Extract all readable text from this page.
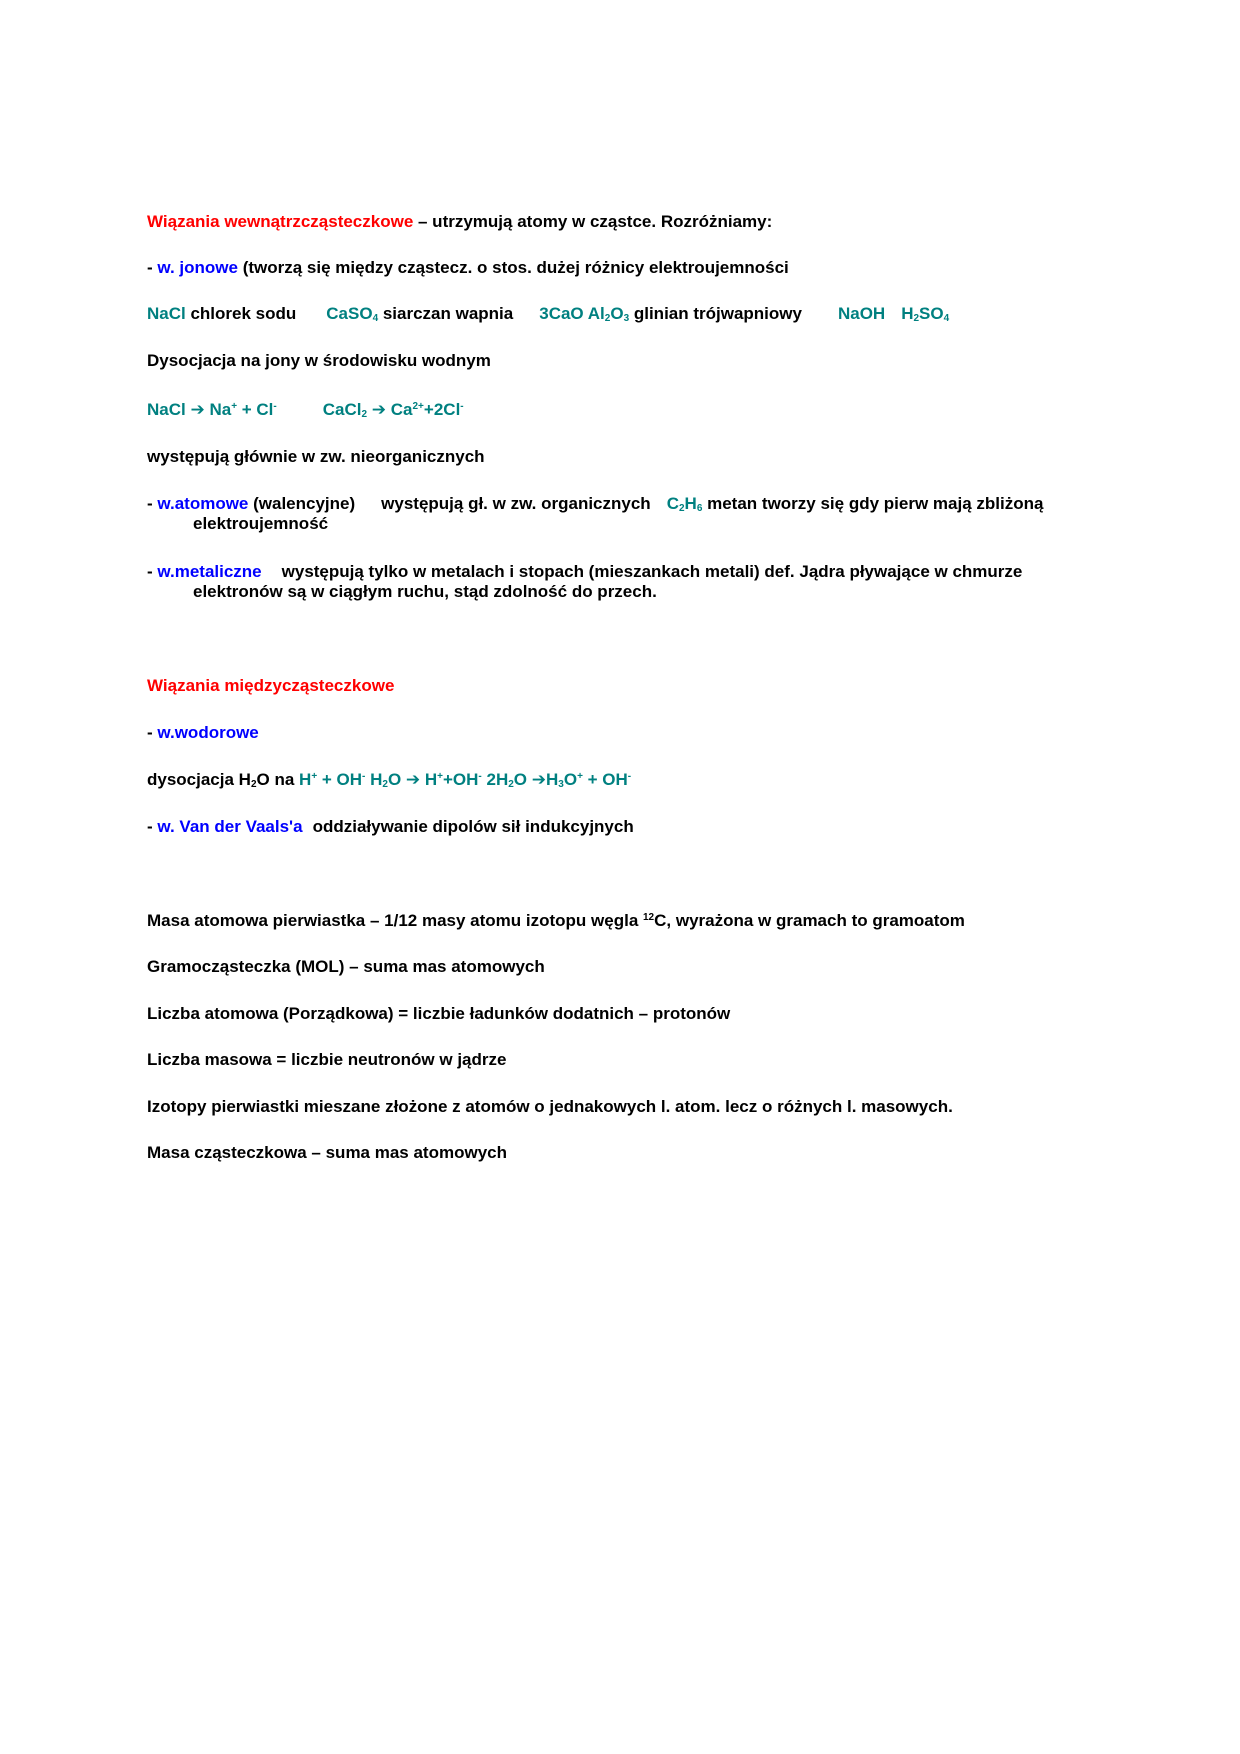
Wiązania wewnątrzcząsteczkowe – utrzymują atomy w cząstce. Rozróżniamy:
- w. jonowe (tworzą się między cząstecz. o stos. dużej różnicy elektroujemności
NaCl chlorek sodu CaSO$_4$ siarczan wapnia 3CaO $Al_2O_3$ glinian trójwapniowy NaOH $H_2SO_4$
Dysocjacja na jony w środowisku wodnym
NaCl ➔ Na+ + Cl-	CaCl$_2$ ➔ $Ca^{2+}+2Cl^-$
występują głównie w zw. nieorganicznych
- w.atomowe (walencyjne) występują gł. w zw. organicznych $C_2H_6$ metan tworzy się gdy pierw mają zbliżoną elektroujemność
- w.metaliczne występują tylko w metalach i stopach (mieszankach metali) def. Jądra pływające w chmurze elektronów są w ciągłym ruchu, stąd zdolność do przech.
Wiązania międzycząsteczkowe
- w.wodorowe
dysocjacja $H_2O$ na H+ + OH- $H_2O$ ➔ H++OH- $2H_2O$ $➔H_3O^+ + OH^-$
- w. Van der Vaals'a oddziaływanie dipolów sił indukcyjnych
Masa atomowa pierwiastka – 1/12 masy atomu izotopu węgla $^{12}$C, wyrażona w gramach to gramoatom
Gramocząsteczka (MOL) – suma mas atomowych
Liczba atomowa (Porządkowa) = liczbie ładunków dodatnich – protonów
Liczba masowa = liczbie neutronów w jądrze
Izotopy pierwiastki mieszane złożone z atomów o jednakowych l. atom. lecz o różnych l. masowych.
Masa cząsteczkowa – suma mas atomowych
